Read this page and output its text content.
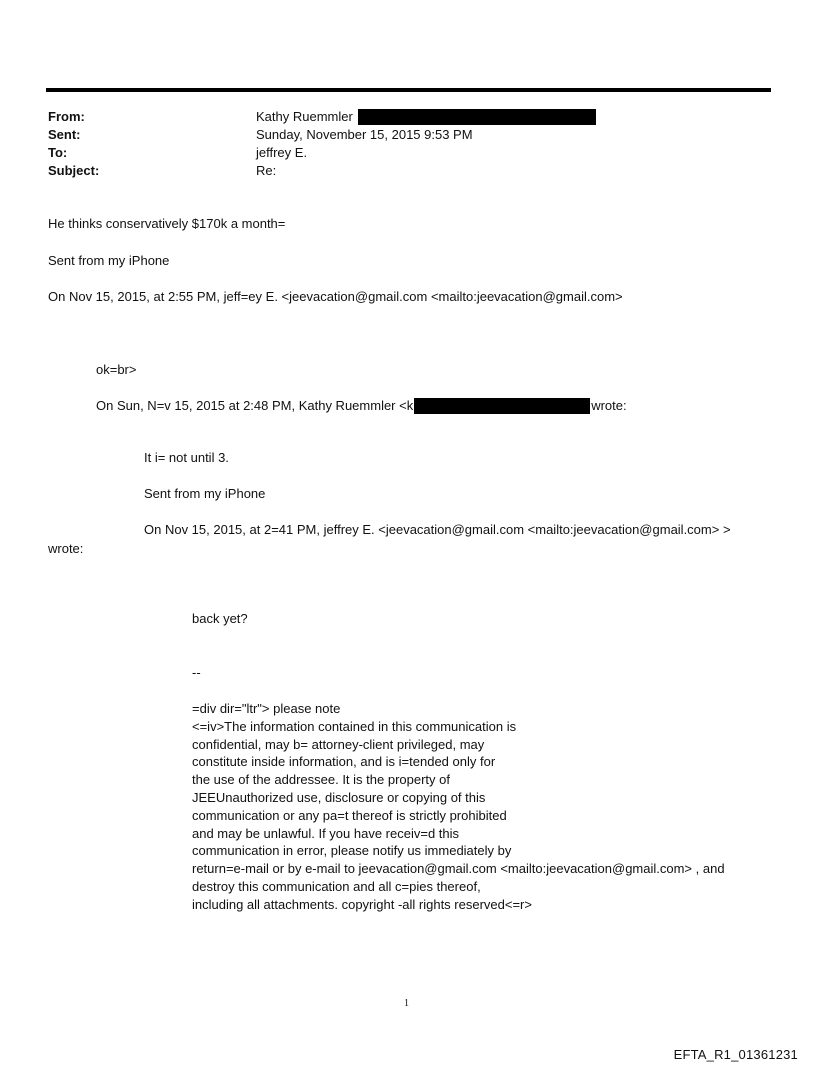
From:	Kathy Ruemmler
Sent:	Sunday, November 15, 2015 9:53 PM
To:	jeffrey E.
Subject:	Re:
He thinks conservatively $170k a month=
Sent from my iPhone
On Nov 15, 2015, at 2:55 PM, jeff=ey E. <jeevacation@gmail.com <mailto:jeevacation@gmail.com>
ok=br>
On Sun, N=v 15, 2015 at 2:48 PM, Kathy Ruemmler <k	wrote:
It i= not until 3.
Sent from my iPhone
On Nov 15, 2015, at 2=41 PM, jeffrey E. <jeevacation@gmail.com <mailto:jeevacation@gmail.com> >
wrote:
back yet?
--
=div dir="ltr"> please note
<=iv>The information contained in this communication is
confidential, may b= attorney-client privileged, may
constitute inside information, and is i=tended only for
the use of the addressee. It is the property of
JEEUnauthorized use, disclosure or copying of this
communication or any pa=t thereof is strictly prohibited
and may be unlawful. If you have receiv=d this
communication in error, please notify us immediately by
return=e-mail or by e-mail to jeevacation@gmail.com <mailto:jeevacation@gmail.com> , and
destroy this communication and all c=pies thereof,
including all attachments. copyright -all rights reserved<=r>
1
EFTA_R1_01361231
